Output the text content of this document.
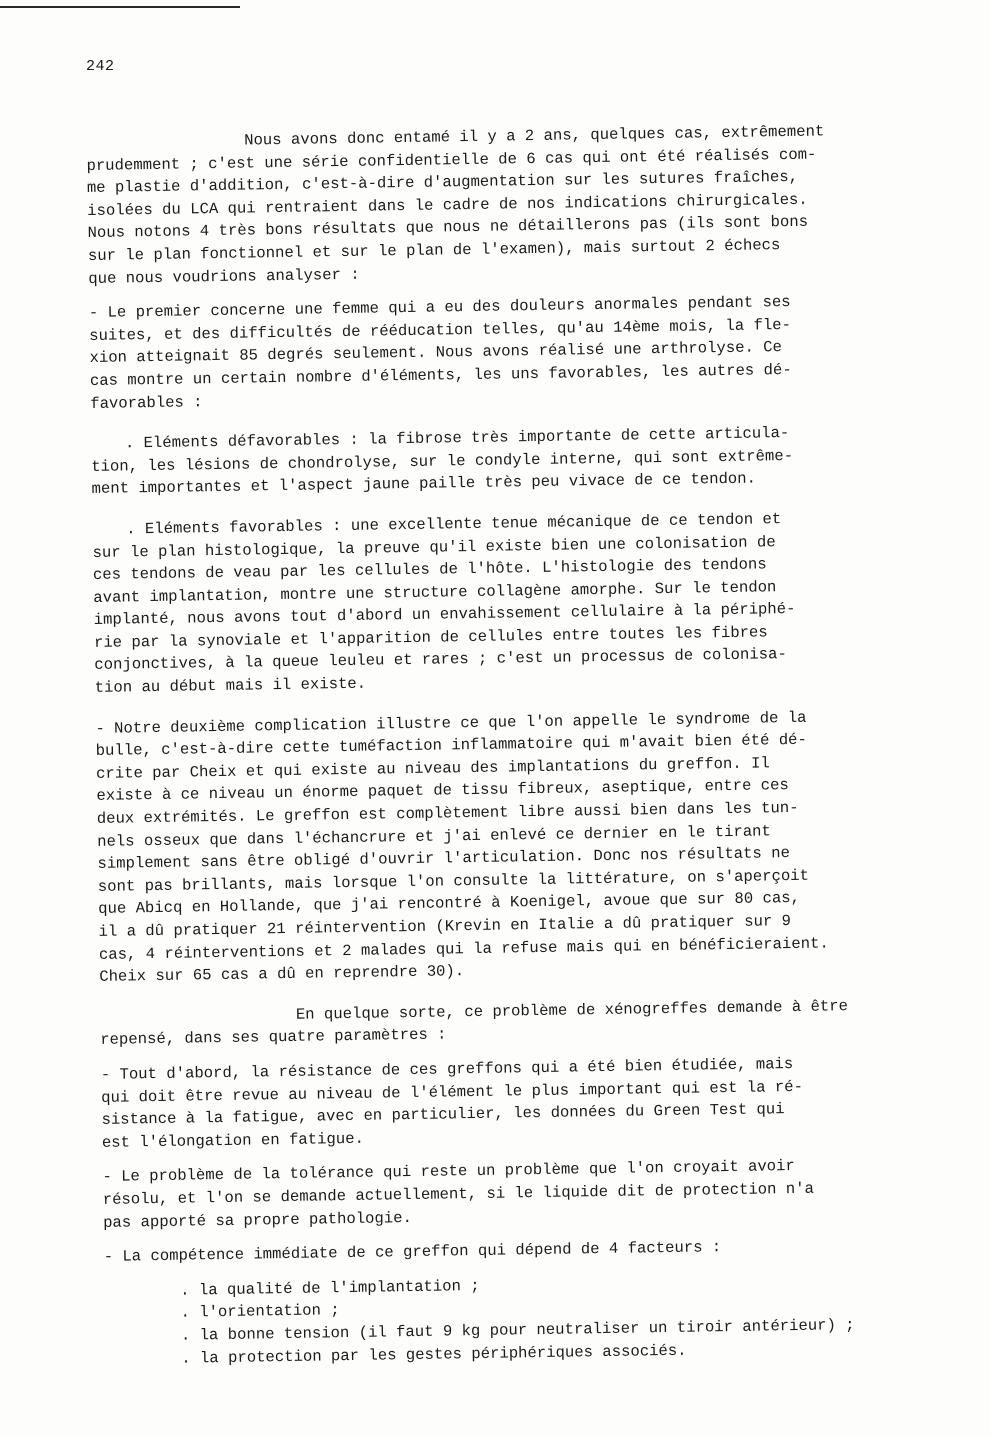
242
Nous avons donc entamé il y a 2 ans, quelques cas, extrêmement
prudemment ; c'est une série confidentielle de 6 cas qui ont été réalisés com-
me plastie d'addition, c'est-à-dire d'augmentation sur les sutures fraîches,
isolées du LCA qui rentraient dans le cadre de nos indications chirurgicales.
Nous notons 4 très bons résultats que nous ne détaillerons pas (ils sont bons
sur le plan fonctionnel et sur le plan de l'examen), mais surtout 2 échecs
que nous voudrions analyser :
- Le premier concerne une femme qui a eu des douleurs anormales pendant ses
suites, et des difficultés de rééducation telles, qu'au 14ème mois, la fle-
xion atteignait 85 degrés seulement. Nous avons réalisé une arthrolyse. Ce
cas montre un certain nombre d'éléments, les uns favorables, les autres dé-
favorables :
. Eléments défavorables : la fibrose très importante de cette articula-
tion, les lésions de chondrolyse, sur le condyle interne, qui sont extrême-
ment importantes et l'aspect jaune paille très peu vivace de ce tendon.
. Eléments favorables : une excellente tenue mécanique de ce tendon et
sur le plan histologique, la preuve qu'il existe bien une colonisation de
ces tendons de veau par les cellules de l'hôte. L'histologie des tendons
avant implantation, montre une structure collagène amorphe. Sur le tendon
implanté, nous avons tout d'abord un envahissement cellulaire à la périphé-
rie par la synoviale et l'apparition de cellules entre toutes les fibres
conjonctives, à la queue leuleu et rares ; c'est un processus de colonisa-
tion au début mais il existe.
- Notre deuxième complication illustre ce que l'on appelle le syndrome de la
bulle, c'est-à-dire cette tuméfaction inflammatoire qui m'avait bien été dé-
crite par Cheix et qui existe au niveau des implantations du greffon. Il
existe à ce niveau un énorme paquet de tissu fibreux, aseptique, entre ces
deux extrémités. Le greffon est complètement libre aussi bien dans les tun-
nels osseux que dans l'échancrure et j'ai enlevé ce dernier en le tirant
simplement sans être obligé d'ouvrir l'articulation. Donc nos résultats ne
sont pas brillants, mais lorsque l'on consulte la littérature, on s'aperçoit
que Abicq en Hollande, que j'ai rencontré à Koenigel, avoue que sur 80 cas,
il a dû pratiquer 21 réintervention (Krevin en Italie a dû pratiquer sur 9
cas, 4 réinterventions et 2 malades qui la refuse mais qui en bénéficieraient.
Cheix sur 65 cas a dû en reprendre 30).
En quelque sorte, ce problème de xénogreffes demande à être
repensé, dans ses quatre paramètres :
- Tout d'abord, la résistance de ces greffons qui a été bien étudiée, mais
qui doit être revue au niveau de l'élément le plus important qui est la ré-
sistance à la fatigue, avec en particulier, les données du Green Test qui
est l'élongation en fatigue.
- Le problème de la tolérance qui reste un problème que l'on croyait avoir
résolu, et l'on se demande actuellement, si le liquide dit de protection n'a
pas apporté sa propre pathologie.
- La compétence immédiate de ce greffon qui dépend de 4 facteurs :
. la qualité de l'implantation ;
. l'orientation ;
. la bonne tension (il faut 9 kg pour neutraliser un tiroir antérieur) ;
. la protection par les gestes périphériques associés.
